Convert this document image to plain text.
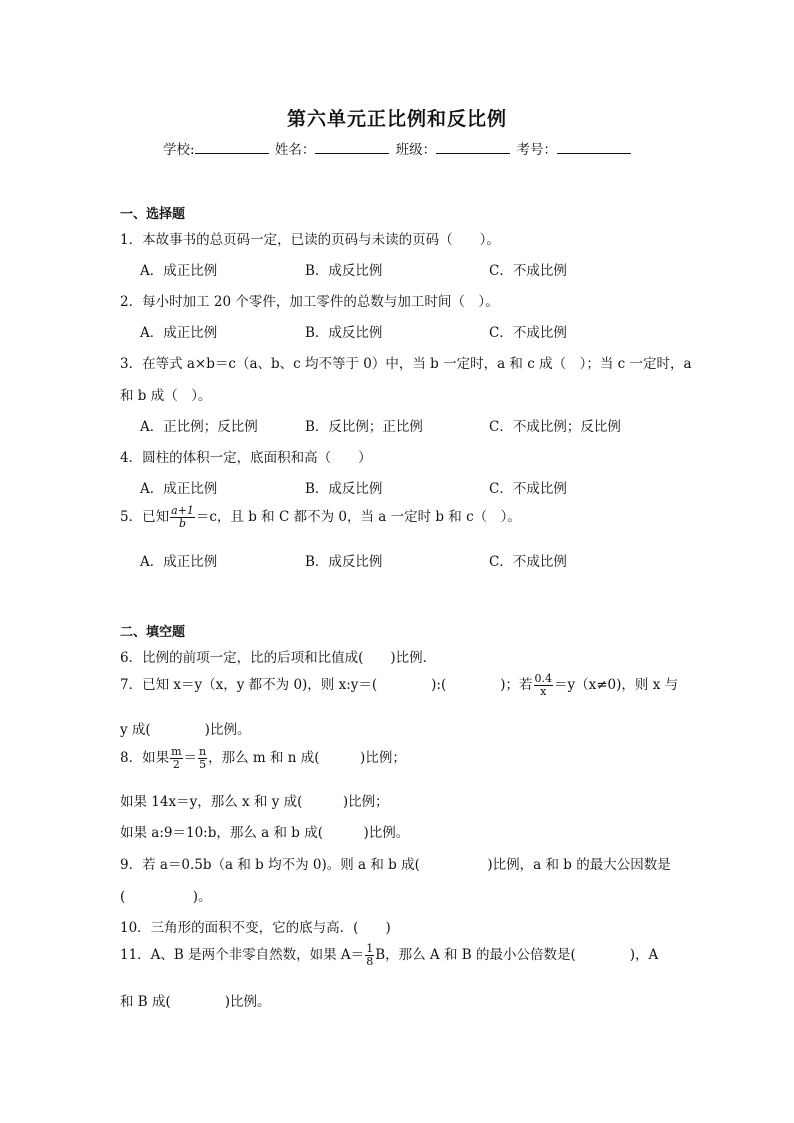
第六单元正比例和反比例
学校:	姓名：	班级：	考号：
一、选择题
1．本故事书的总页码一定，已读的页码与未读的页码（　　）。
A．成正比例	B．成反比例	C．不成比例
2．每小时加工 20 个零件，加工零件的总数与加工时间（　）。
A．成正比例	B．成反比例	C．不成比例
3．在等式 a×b＝c（a、b、c 均不等于 0）中，当 b 一定时，a 和 c 成（　）；当 c 一定时，a
和 b 成（　）。
A．正比例；反比例	B．反比例；正比例	C．不成比例；反比例
4．圆柱的体积一定，底面积和高（　　）
A．成正比例	B．成反比例	C．不成比例
5．已知 $\frac{a+1}{b} =c$，且 b 和 C 都不为 0，当 a 一定时 b 和 c（　）。
A．成正比例	B．成反比例	C．不成比例
二、填空题
6．比例的前项一定，比的后项和比值成(　　)比例．
7．已知 x＝y（x，y 都不为 0)，则 x:y＝(　　　　):(　　　　)；若 $\frac{0.4}{x} =y(x\ne 0)$，则 x 与
y 成(　　　　)比例。
8．如果 $\frac{m}{2} = \frac{n}{5}$ ，那么 m 和 n 成(　　　)比例；
如果 14x＝y，那么 x 和 y 成(　　　)比例；
如果 a:9＝10:b，那么 a 和 b 成(　　　)比例。
9．若 a＝0.5b（a 和 b 均不为 0)。则 a 和 b 成(　　　　　)比例，a 和 b 的最大公因数是
(　　　　　)。
10．三角形的面积不变，它的底与高．(　　)
11．A、B 是两个非零自然数，如果 $A= \frac{1}{8}$ B，那么 A 和 B 的最小公倍数是(　　　　)，A
和 B 成(　　　　)比例。
